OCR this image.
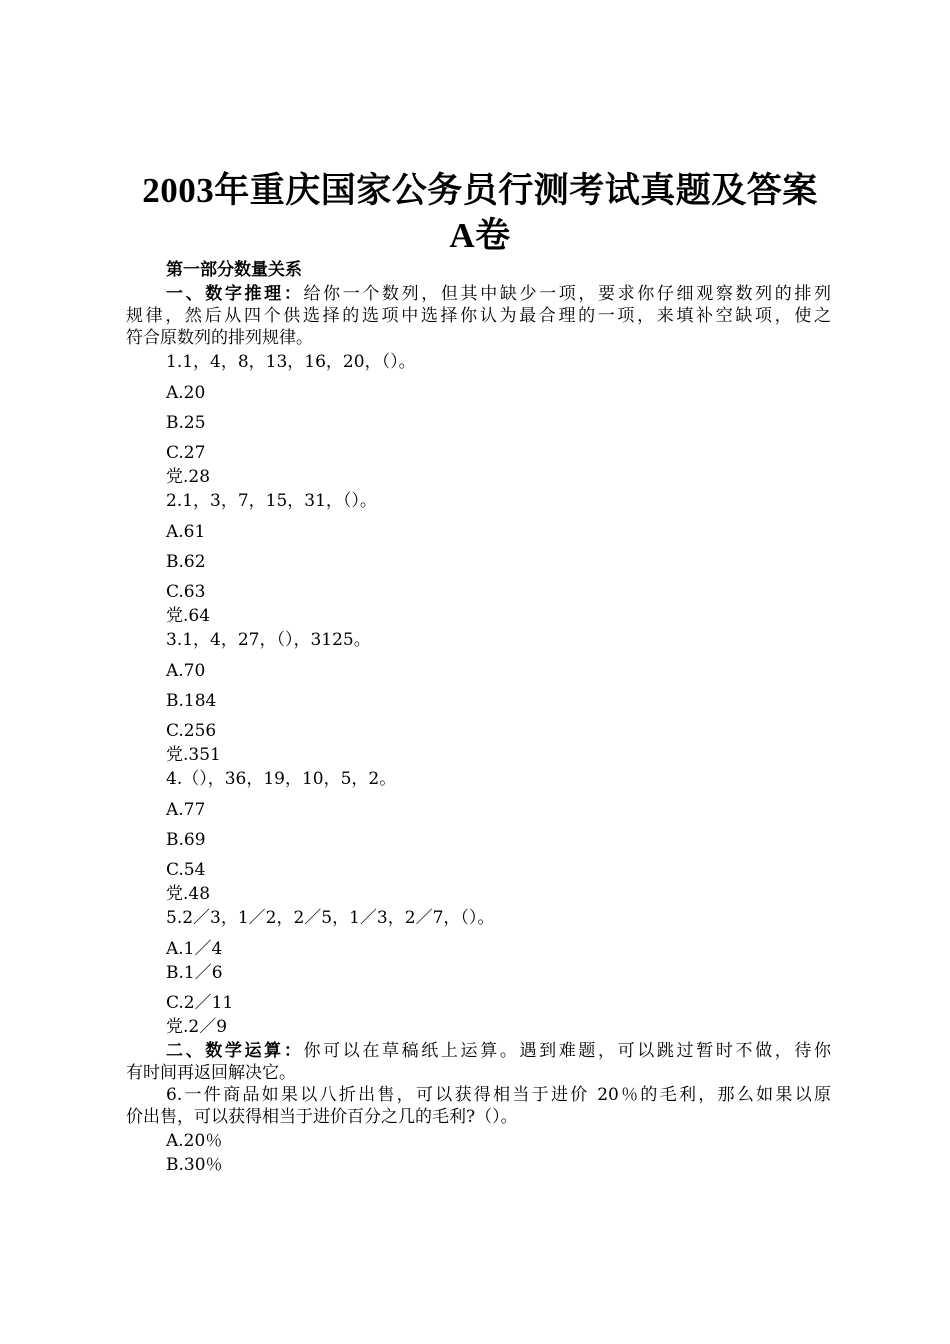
2003年重庆国家公务员行测考试真题及答案
A卷
第一部分数量关系
一、数字推理：给你一个数列，但其中缺少一项，要求你仔细观察数列的排列
规律，然后从四个供选择的选项中选择你认为最合理的一项，来填补空缺项，使之
符合原数列的排列规律。
1.1，4，8，13，16，20，（）。
A.20
B.25
C.27
党.28
2.1，3，7，15，31，（）。
A.61
B.62
C.63
党.64
3.1，4，27，（），3125。
A.70
B.184
C.256
党.351
4.（），36，19，10，5，2。
A.77
B.69
C.54
党.48
5.2／3，1／2，2／5，1／3，2／7，（）。
A.1／4
B.1／6
C.2／11
党.2／9
二、数学运算：你可以在草稿纸上运算。遇到难题，可以跳过暂时不做，待你
有时间再返回解决它。
6.一件商品如果以八折出售，可以获得相当于进价 20％的毛利，那么如果以原
价出售，可以获得相当于进价百分之几的毛利?（）。
A.20％
B.30％
